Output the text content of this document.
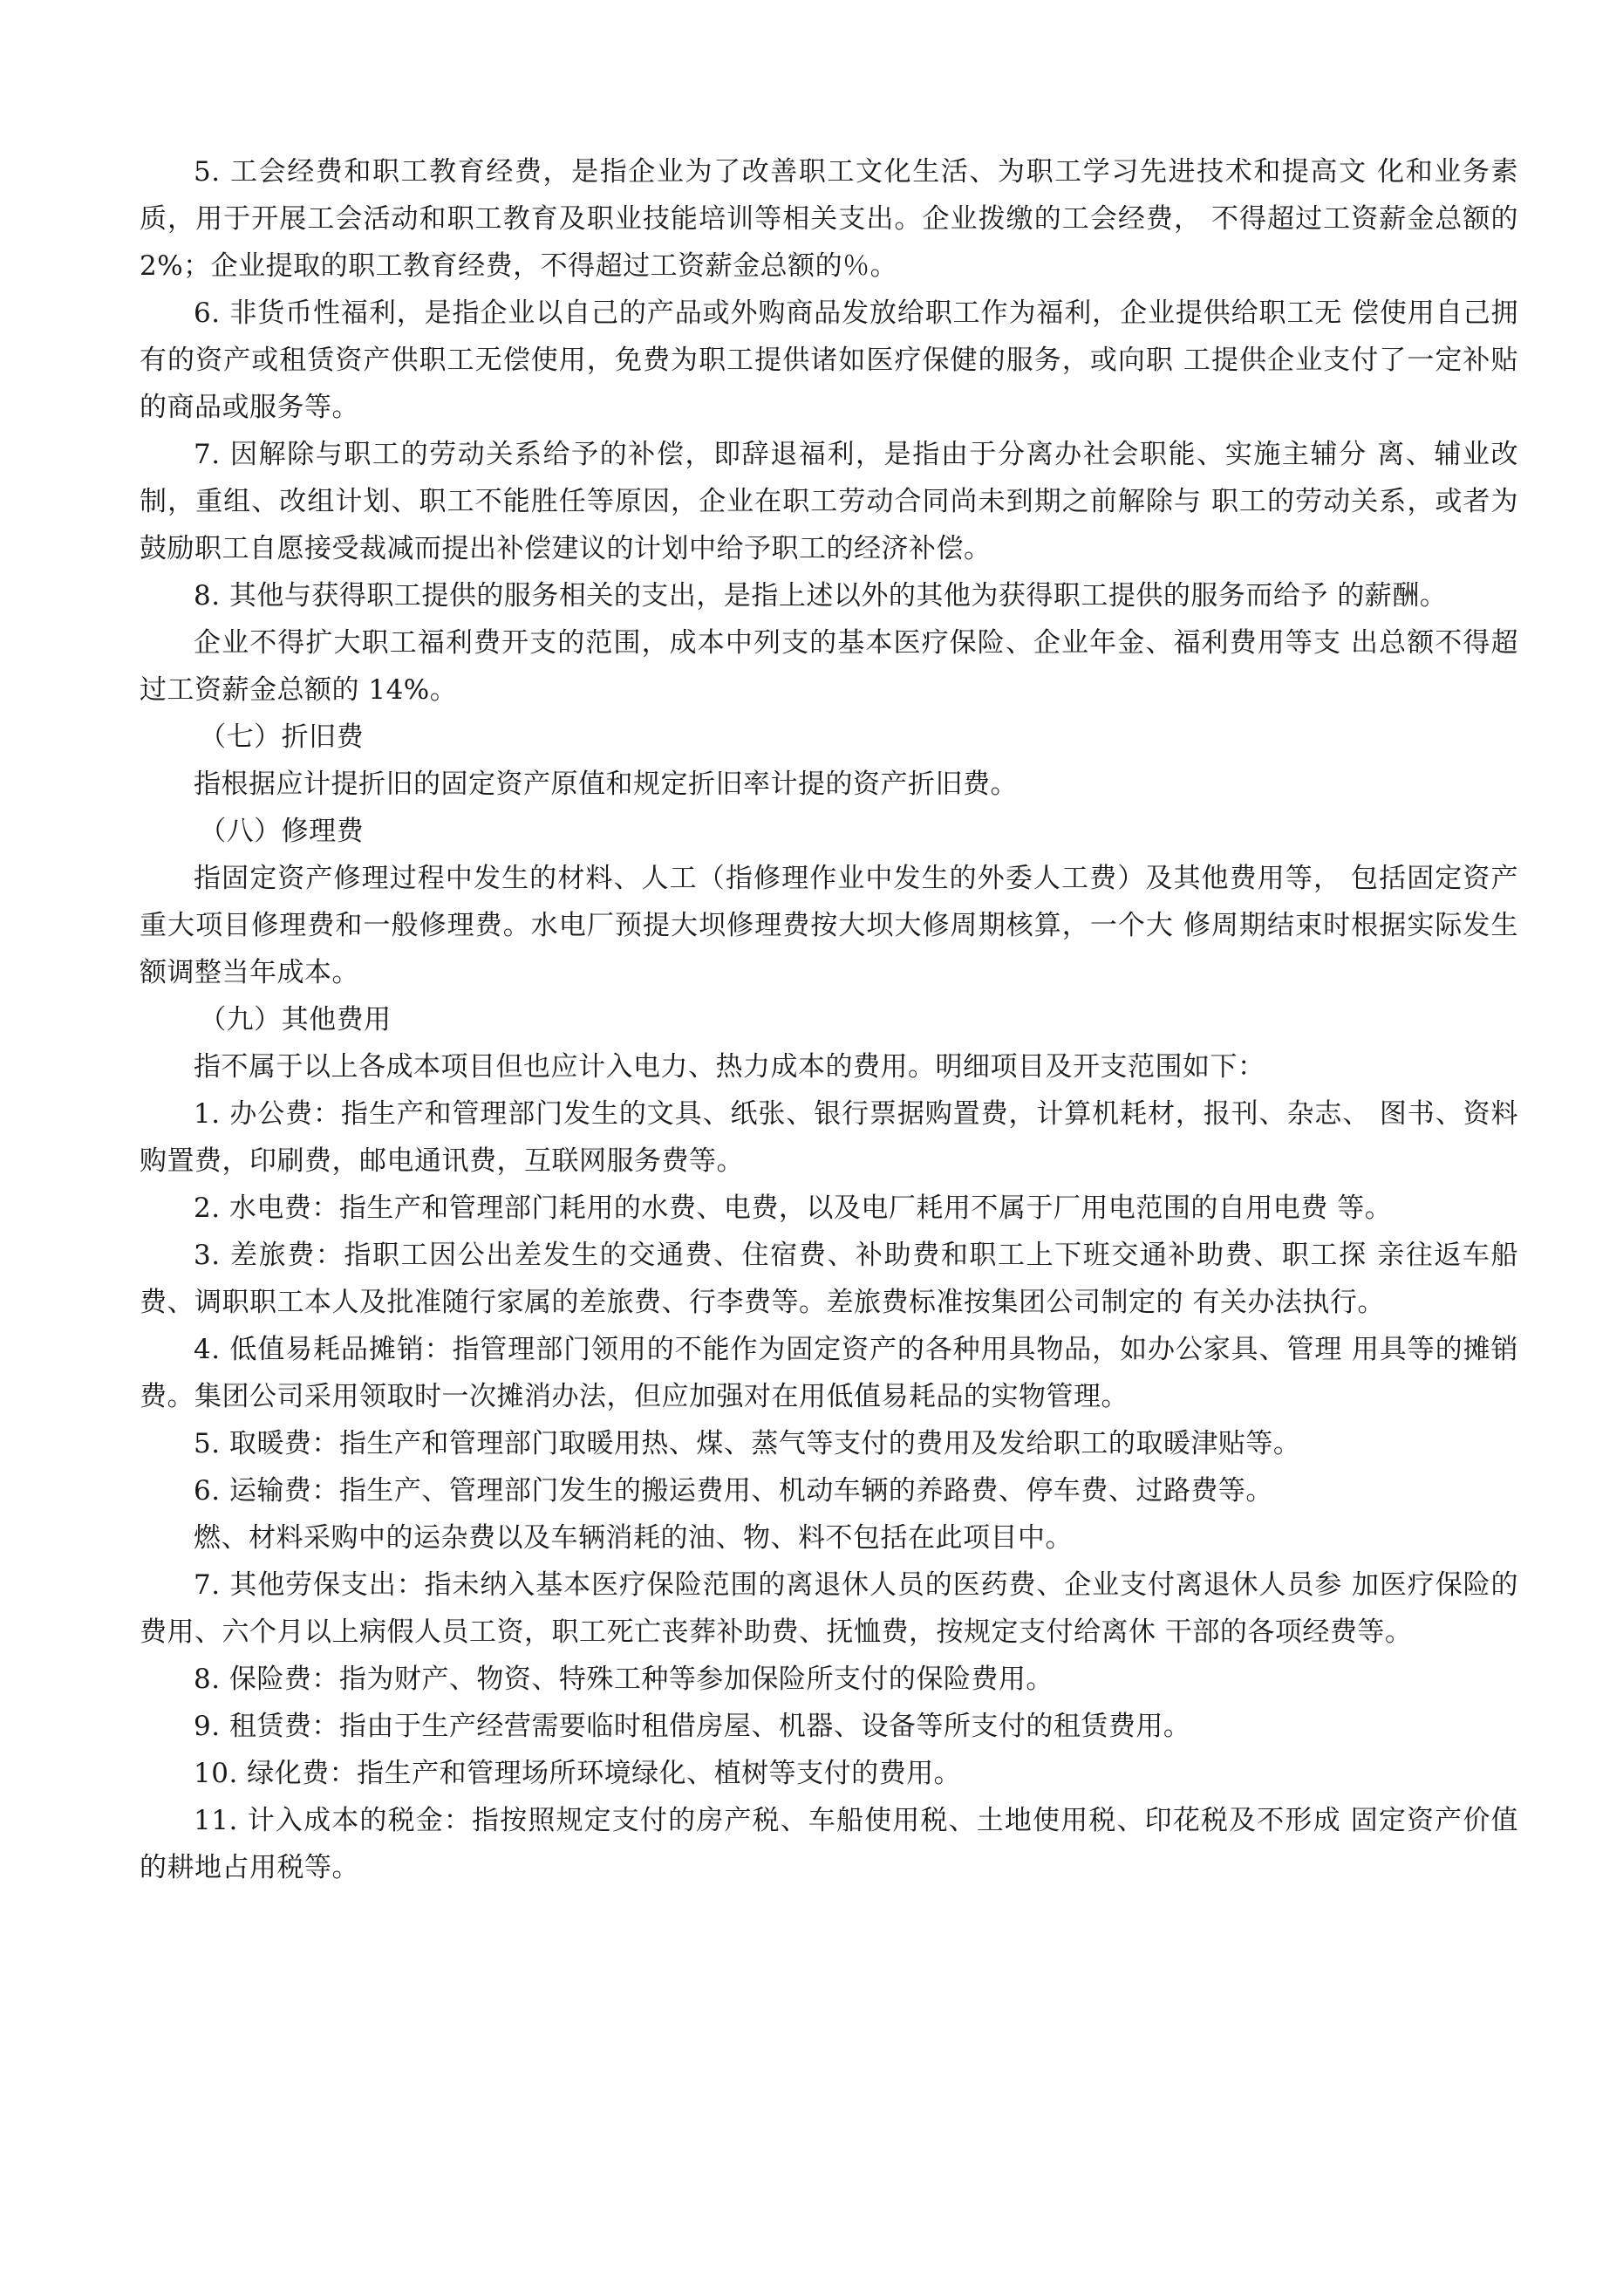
5. 工会经费和职工教育经费，是指企业为了改善职工文化生活、为职工学习先进技术和提高文 化和业务素质，用于开展工会活动和职工教育及职业技能培训等相关支出。企业拨缴的工会经费， 不得超过工资薪金总额的 2%；企业提取的职工教育经费，不得超过工资薪金总额的％。

6. 非货币性福利，是指企业以自己的产品或外购商品发放给职工作为福利，企业提供给职工无 偿使用自己拥有的资产或租赁资产供职工无偿使用，免费为职工提供诸如医疗保健的服务，或向职 工提供企业支付了一定补贴的商品或服务等。

7. 因解除与职工的劳动关系给予的补偿，即辞退福利，是指由于分离办社会职能、实施主辅分 离、辅业改制，重组、改组计划、职工不能胜任等原因，企业在职工劳动合同尚未到期之前解除与 职工的劳动关系，或者为鼓励职工自愿接受裁减而提出补偿建议的计划中给予职工的经济补偿。

8. 其他与获得职工提供的服务相关的支出，是指上述以外的其他为获得职工提供的服务而给予 的薪酬。

企业不得扩大职工福利费开支的范围，成本中列支的基本医疗保险、企业年金、福利费用等支 出总额不得超过工资薪金总额的 14%。

（七）折旧费

指根据应计提折旧的固定资产原值和规定折旧率计提的资产折旧费。

（八）修理费

指固定资产修理过程中发生的材料、人工（指修理作业中发生的外委人工费）及其他费用等， 包括固定资产重大项目修理费和一般修理费。水电厂预提大坝修理费按大坝大修周期核算，一个大 修周期结束时根据实际发生额调整当年成本。

（九）其他费用

指不属于以上各成本项目但也应计入电力、热力成本的费用。明细项目及开支范围如下：

1. 办公费：指生产和管理部门发生的文具、纸张、银行票据购置费，计算机耗材，报刊、杂志、 图书、资料购置费，印刷费，邮电通讯费，互联网服务费等。

2. 水电费：指生产和管理部门耗用的水费、电费，以及电厂耗用不属于厂用电范围的自用电费 等。

3. 差旅费：指职工因公出差发生的交通费、住宿费、补助费和职工上下班交通补助费、职工探 亲往返车船费、调职职工本人及批准随行家属的差旅费、行李费等。差旅费标准按集团公司制定的 有关办法执行。

4. 低值易耗品摊销：指管理部门领用的不能作为固定资产的各种用具物品，如办公家具、管理 用具等的摊销费。集团公司采用领取时一次摊消办法，但应加强对在用低值易耗品的实物管理。

5. 取暖费：指生产和管理部门取暖用热、煤、蒸气等支付的费用及发给职工的取暖津贴等。

6. 运输费：指生产、管理部门发生的搬运费用、机动车辆的养路费、停车费、过路费等。

燃、材料采购中的运杂费以及车辆消耗的油、物、料不包括在此项目中。

7. 其他劳保支出：指未纳入基本医疗保险范围的离退休人员的医药费、企业支付离退休人员参 加医疗保险的费用、六个月以上病假人员工资，职工死亡丧葬补助费、抚恤费，按规定支付给离休 干部的各项经费等。

8. 保险费：指为财产、物资、特殊工种等参加保险所支付的保险费用。

9. 租赁费：指由于生产经营需要临时租借房屋、机器、设备等所支付的租赁费用。

10. 绿化费：指生产和管理场所环境绿化、植树等支付的费用。

11. 计入成本的税金：指按照规定支付的房产税、车船使用税、土地使用税、印花税及不形成 固定资产价值的耕地占用税等。
